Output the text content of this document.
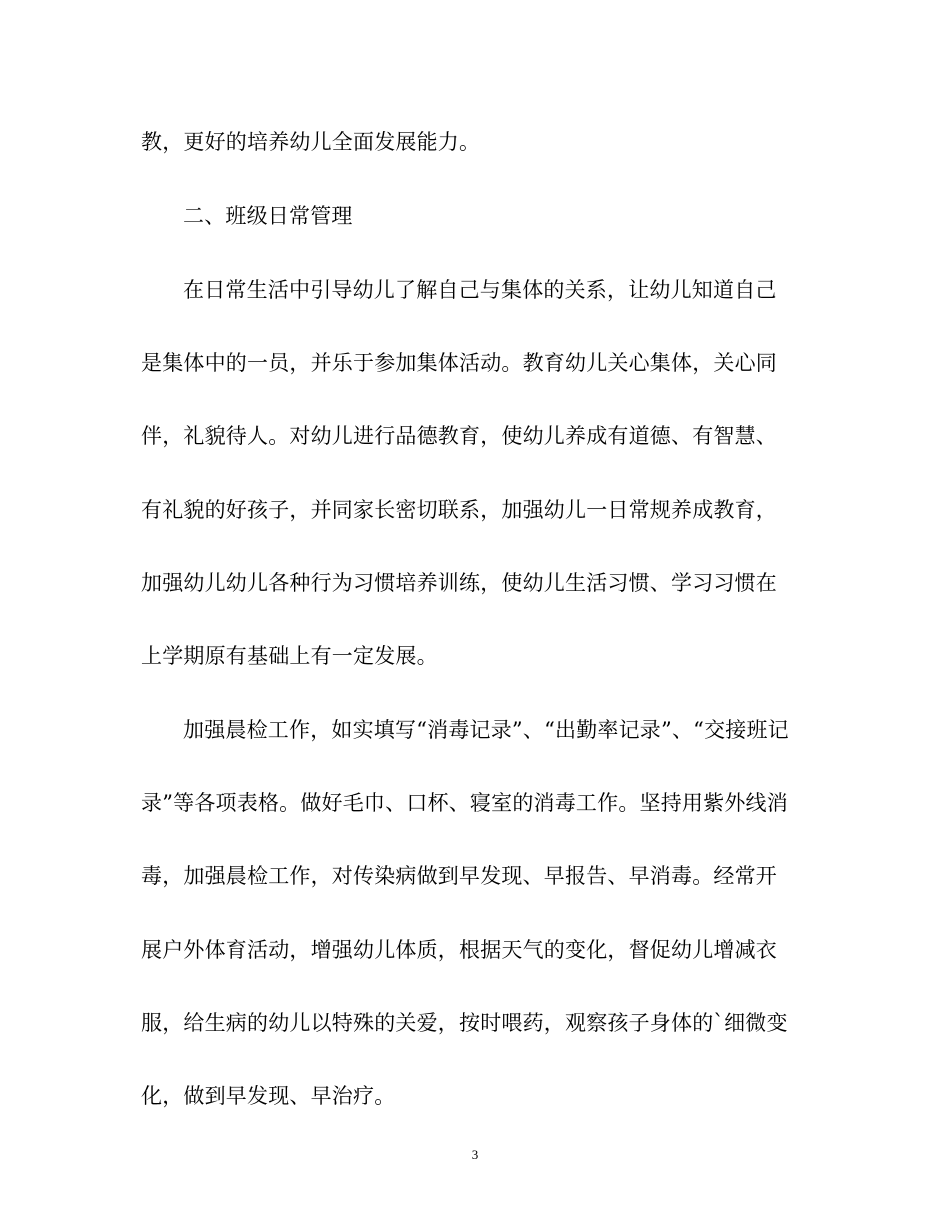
教，更好的培养幼儿全面发展能力。
二、班级日常管理
在日常生活中引导幼儿了解自己与集体的关系，让幼儿知道自己
是集体中的一员，并乐于参加集体活动。教育幼儿关心集体，关心同
伴，礼貌待人。对幼儿进行品德教育，使幼儿养成有道德、有智慧、
有礼貌的好孩子，并同家长密切联系，加强幼儿一日常规养成教育，
加强幼儿幼儿各种行为习惯培养训练，使幼儿生活习惯、学习习惯在
上学期原有基础上有一定发展。
加强晨检工作，如实填写“消毒记录”、“出勤率记录”、“交接班记
录”等各项表格。做好毛巾、口杯、寝室的消毒工作。坚持用紫外线消
毒，加强晨检工作，对传染病做到早发现、早报告、早消毒。经常开
展户外体育活动，增强幼儿体质，根据天气的变化，督促幼儿增减衣
服，给生病的幼儿以特殊的关爱，按时喂药，观察孩子身体的`细微变
化，做到早发现、早治疗。
3
